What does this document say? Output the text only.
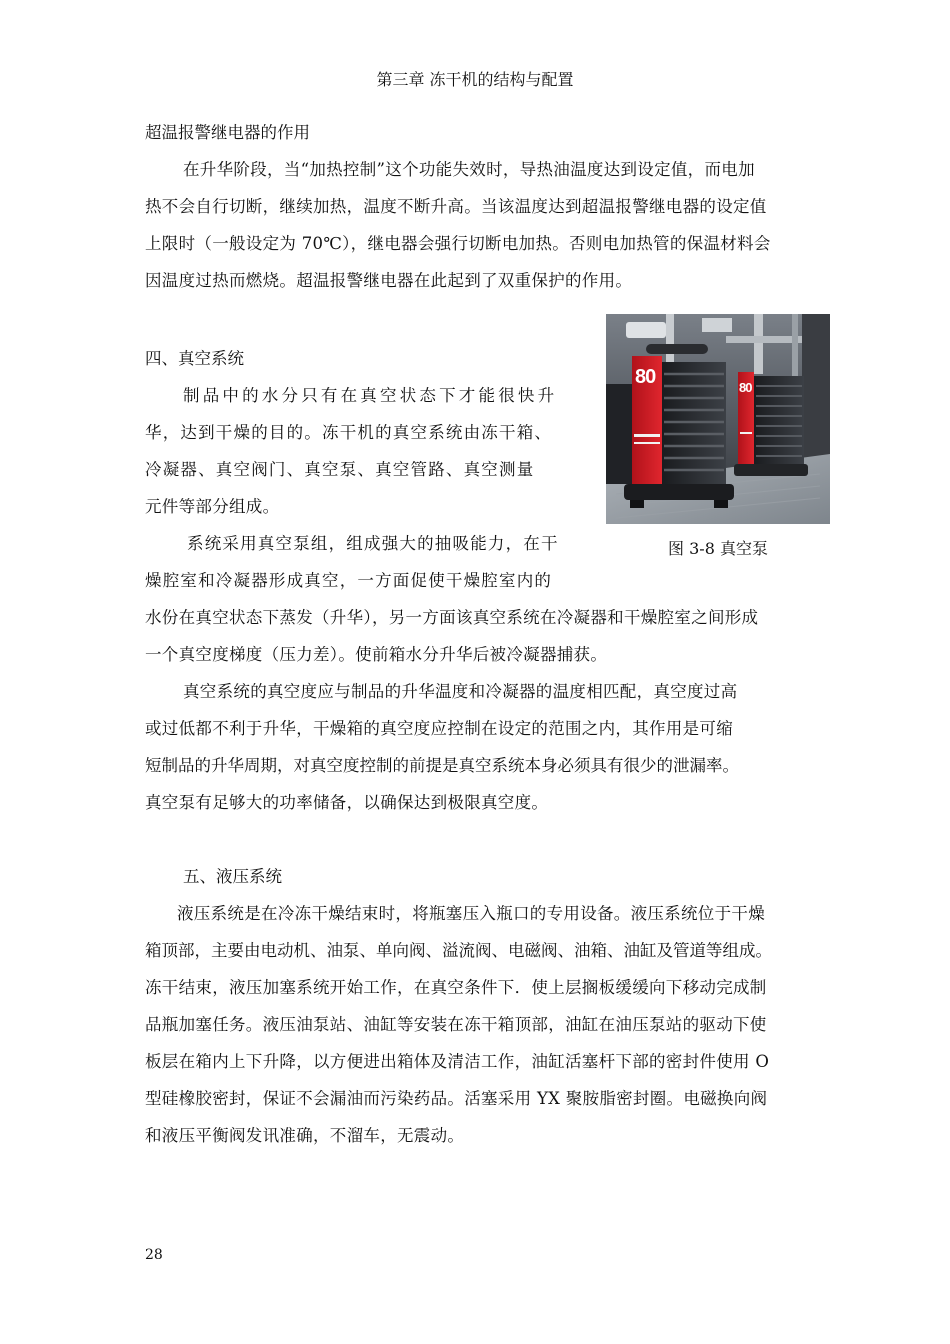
第三章 冻干机的结构与配置
超温报警继电器的作用
在升华阶段，当“加热控制”这个功能失效时，导热油温度达到设定值，而电加
热不会自行切断，继续加热，温度不断升高。当该温度达到超温报警继电器的设定值
上限时（一般设定为 70℃），继电器会强行切断电加热。否则电加热管的保温材料会
因温度过热而燃烧。超温报警继电器在此起到了双重保护的作用。
四、真空系统
制品中的水分只有在真空状态下才能很快升
华，达到干燥的目的。冻干机的真空系统由冻干箱、
冷凝器、真空阀门、真空泵、真空管路、真空测量
元件等部分组成。
系统采用真空泵组，组成强大的抽吸能力，在干
燥腔室和冷凝器形成真空，一方面促使干燥腔室内的
水份在真空状态下蒸发（升华），另一方面该真空系统在冷凝器和干燥腔室之间形成
一个真空度梯度（压力差）。使前箱水分升华后被冷凝器捕获。
80	80
图 3-8 真空泵
真空系统的真空度应与制品的升华温度和冷凝器的温度相匹配，真空度过高
或过低都不利于升华，干燥箱的真空度应控制在设定的范围之内，其作用是可缩
短制品的升华周期，对真空度控制的前提是真空系统本身必须具有很少的泄漏率。
真空泵有足够大的功率储备，以确保达到极限真空度。
五、液压系统
液压系统是在冷冻干燥结束时，将瓶塞压入瓶口的专用设备。液压系统位于干燥
箱顶部，主要由电动机、油泵、单向阀、溢流阀、电磁阀、油箱、油缸及管道等组成。
冻干结束，液压加塞系统开始工作，在真空条件下．使上层搁板缓缓向下移动完成制
品瓶加塞任务。液压油泵站、油缸等安装在冻干箱顶部，油缸在油压泵站的驱动下使
板层在箱内上下升降，以方便进出箱体及清洁工作，油缸活塞杆下部的密封件使用 O
型硅橡胶密封，保证不会漏油而污染药品。活塞采用 YX 聚胺脂密封圈。电磁换向阀
和液压平衡阀发讯准确，不溜车，无震动。
28
